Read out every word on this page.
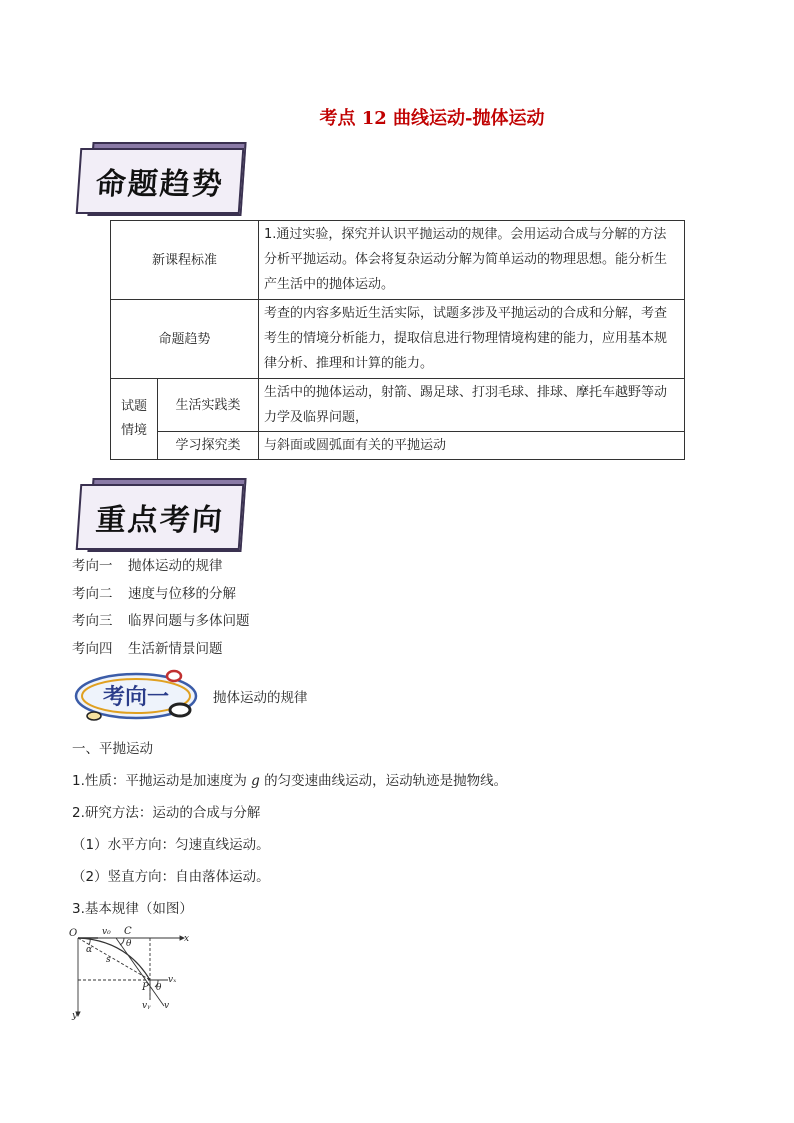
考点 12 曲线运动-抛体运动
命题趋势
新课程标准		1.通过实验，探究并认识平抛运动的规律。会用运动合成与分解的方法分析平抛运动。体会将复杂运动分解为简单运动的物理思想。能分析生产生活中的抛体运动。
命题趋势		考查的内容多贴近生活实际，试题多涉及平抛运动的合成和分解，考查考生的情境分析能力，提取信息进行物理情境构建的能力，应用基本规律分析、推理和计算的能力。
试题情境	生活实践类	生活中的抛体运动，射箭、踢足球、打羽毛球、排球、摩托车越野等动力学及临界问题，
	学习探究类	与斜面或圆弧面有关的平抛运动
重点考向
考向一 抛体运动的规律
考向二 速度与位移的分解
考向三 临界问题与多体问题
考向四 生活新情景问题
考向一	抛体运动的规律
一、平抛运动
1.性质：平抛运动是加速度为 g 的匀变速曲线运动，运动轨迹是抛物线。
2.研究方法：运动的合成与分解
（1）水平方向：匀速直线运动。
（2）竖直方向：自由落体运动。
3.基本规律（如图）
O	C
x
y
v₀
θ
α
s
P
vₓ
θ
vᵧ v
